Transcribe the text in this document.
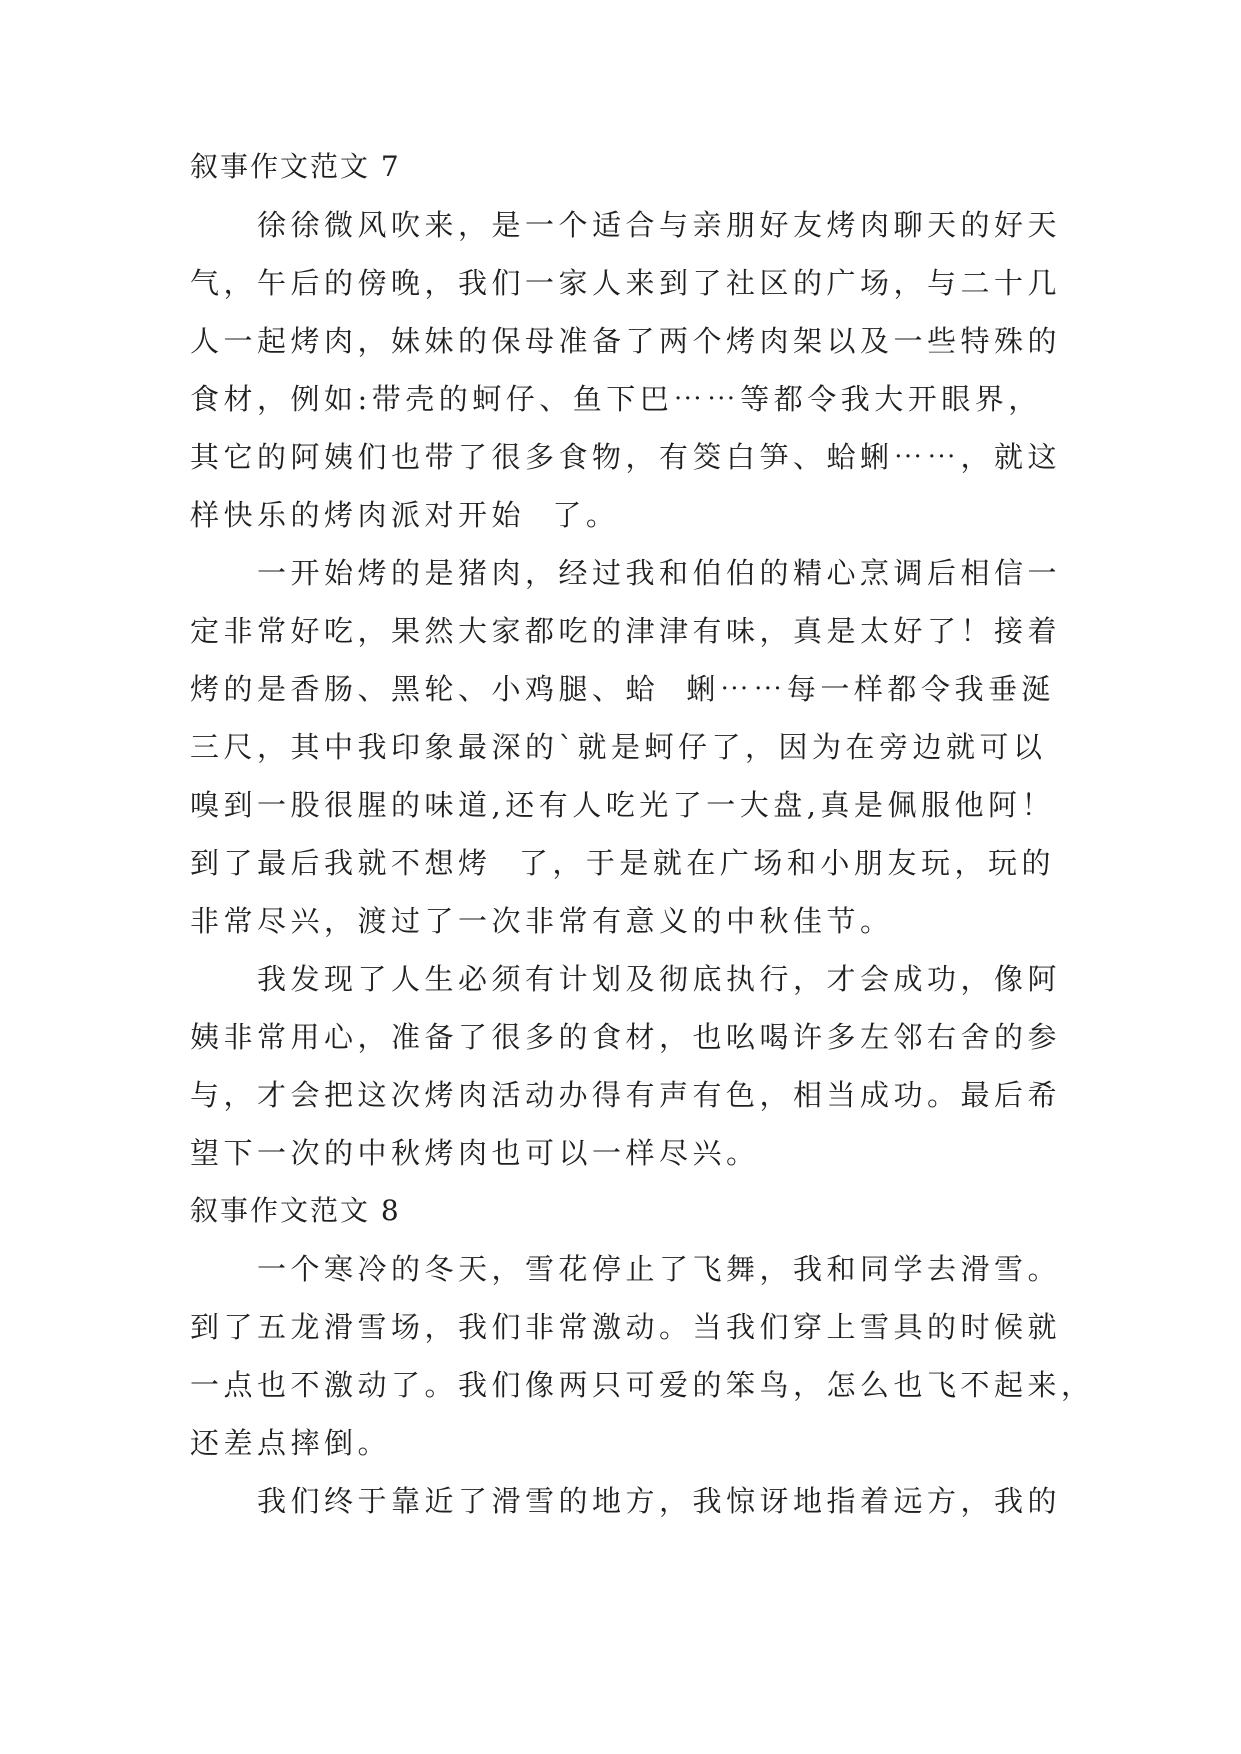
叙事作文范文 7
　　徐徐微风吹来，是一个适合与亲朋好友烤肉聊天的好天
气，午后的傍晚，我们一家人来到了社区的广场，与二十几
人一起烤肉，妹妹的保母准备了两个烤肉架以及一些特殊的
食材，例如:带壳的蚵仔、鱼下巴⋯⋯等都令我大开眼界，
其它的阿姨们也带了很多食物，有筊白笋、蛤蜊⋯⋯，就这
样快乐的烤肉派对开始  了。
　　一开始烤的是猪肉，经过我和伯伯的精心烹调后相信一
定非常好吃，果然大家都吃的津津有味，真是太好了！接着
烤的是香肠、黑轮、小鸡腿、蛤  蜊⋯⋯每一样都令我垂涎
三尺，其中我印象最深的`就是蚵仔了，因为在旁边就可以
嗅到一股很腥的味道,还有人吃光了一大盘,真是佩服他阿！
到了最后我就不想烤  了，于是就在广场和小朋友玩，玩的
非常尽兴，渡过了一次非常有意义的中秋佳节。
　　我发现了人生必须有计划及彻底执行，才会成功，像阿
姨非常用心，准备了很多的食材，也吆喝许多左邻右舍的参
与，才会把这次烤肉活动办得有声有色，相当成功。最后希
望下一次的中秋烤肉也可以一样尽兴。
叙事作文范文 8
　　一个寒冷的冬天，雪花停止了飞舞，我和同学去滑雪。
到了五龙滑雪场，我们非常激动。当我们穿上雪具的时候就
一点也不激动了。我们像两只可爱的笨鸟，怎么也飞不起来，
还差点摔倒。
　　我们终于靠近了滑雪的地方，我惊讶地指着远方，我的
